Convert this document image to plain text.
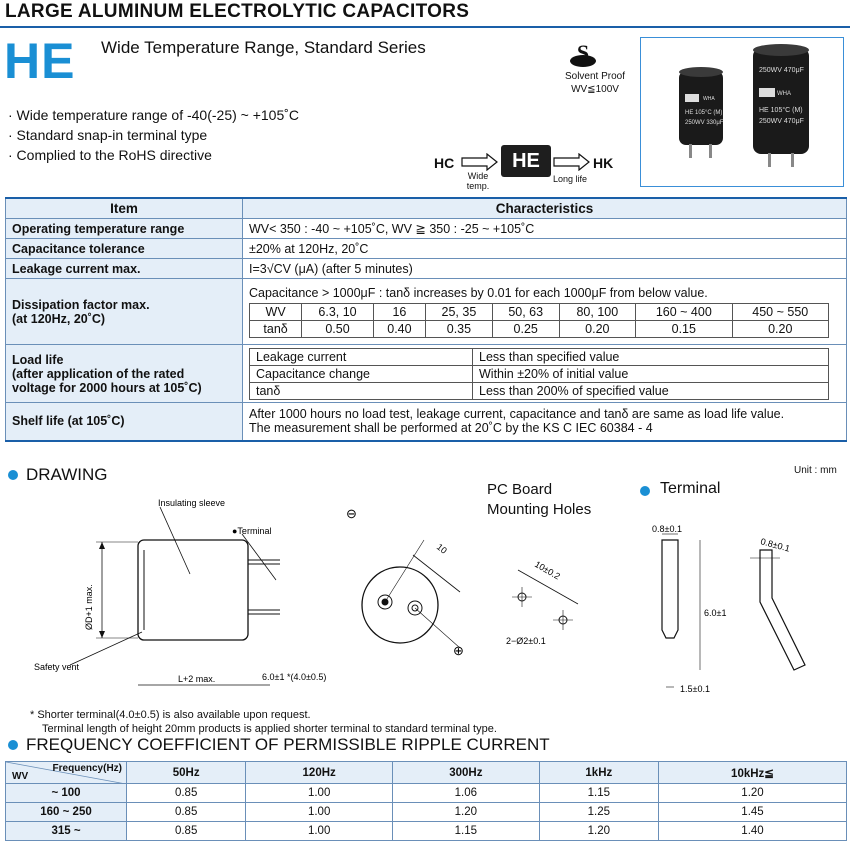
LARGE ALUMINUM ELECTROLYTIC CAPACITORS
HE Wide Temperature Range, Standard Series
· Wide temperature range of -40(-25) ~ +105˚C
· Standard snap-in terminal type
· Complied to the RoHS directive
S
Solvent Proof
WV≦100V
WHA
HE 105°C (M)
250WV 330μF
WHA
250WV 470μF
HE 105°C (M)
250WV 470μF
HC	HE	HK
Wide temp.
Long life
Item	Characteristics
Operating temperature range	WV< 350 : -40 ~ +105˚C, WV ≧ 350 : -25 ~ +105˚C
Capacitance tolerance	±20% at 120Hz, 20˚C
Leakage current max.	I=3√CV (μA) (after 5 minutes)

Dissipation factor max.
(at 120Hz, 20˚C)

Capacitance > 1000μF : tanδ increases by 0.01 for each 1000μF from below value.
WV	6.3, 10	16	25, 35	50, 63	80, 100	160 ~ 400	450 ~ 550
tanδ	0.50	0.40	0.35	0.25	0.20	0.15	0.20

Load life
(after application of the rated
voltage for 2000 hours at 105˚C)

Leakage current	Less than specified value
Capacitance change	Within ±20% of initial value
tanδ	Less than 200% of specified value

Shelf life (at 105˚C)	After 1000 hours no load test, leakage current, capacitance and tanδ are same as load life value.
The measurement shall be performed at 20˚C by the KS C IEC 60384 - 4
DRAWING	Unit : mm
Insulating sleeve
●Terminal
ØD+1 max.
Safety vent
L+2 max.	6.0±1 *(4.0±0.5)
⊖
⊕
10
PC Board
Mounting Holes
10±0.2
2−Ø2±0.1
Terminal
0.8±0.1
6.0±1
1.5±0.1
0.8±0.1
* Shorter terminal(4.0±0.5) is also available upon request.
Terminal length of height 20mm products is applied shorter terminal to standard terminal type.
FREQUENCY COEFFICIENT OF PERMISSIBLE RIPPLE CURRENT
Frequency(Hz)
WV	50Hz	120Hz	300Hz	1kHz	10kHz≦
~ 100	0.85	1.00	1.06	1.15	1.20
160 ~ 250	0.85	1.00	1.20	1.25	1.45
315 ~	0.85	1.00	1.15	1.20	1.40
